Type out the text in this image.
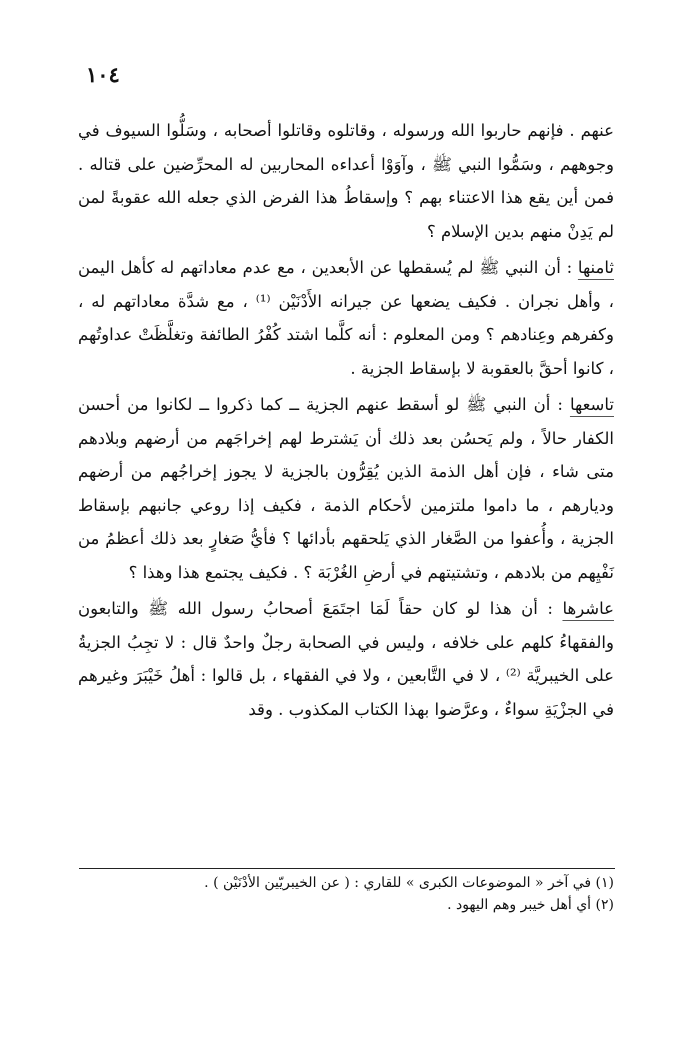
١٠٤

عنهم . فإنهم حاربوا الله ورسوله ، وقاتلوه وقاتلوا أصحابه ، وسَلُّوا السيوف في وجوههم ، وسَمُّوا النبي ﷺ ، وآوَوْا أعداءه المحاربين له المحرِّضين على قتاله . فمن أين يقع هذا الاعتناء بهم ؟ وإسقاطُ هذا الفرض الذي جعله الله عقوبةً لمن لم يَدِنْ منهم بدين الإسلام ؟

ثامنها : أن النبي ﷺ لم يُسقطها عن الأبعدين ، مع عدم معاداتهم له كأهل اليمن ، وأهل نجران . فكيف يضعها عن جيرانه الأَدْنَيْن ⁽¹⁾ ، مع شدَّة معاداتهم له ، وكفرهم وعِنادهم ؟ ومن المعلوم : أنه كلَّما اشتد كُفْرُ الطائفة وتغلَّظَتْ عداوتُهم ، كانوا أحقَّ بالعقوبة لا بإسقاط الجزية .

تاسعها : أن النبي ﷺ لو أسقط عنهم الجزية ــ كما ذكروا ــ لكانوا من أحسن الكفار حالاً ، ولم يَحسُن بعد ذلك أن يَشترط لهم إخراجَهم من أرضهم وبلادهم متى شاء ، فإن أهل الذمة الذين يُقِرُّون بالجزية لا يجوز إخراجُهم من أرضهم وديارهم ، ما داموا ملتزمين لأحكام الذمة ، فكيف إذا روعي جانبهم بإسقاط الجزية ، وأُعفوا من الصَّغار الذي يَلحقهم بأدائها ؟ فأيُّ صَغارٍ بعد ذلك أعظمُ من نَفْيِهم من بلادهم ، وتشتيتهم في أرضِ الغُرْبَة ؟ . فكيف يجتمع هذا وهذا ؟

عاشرها : أن هذا لو كان حقاً لَمَا اجتَمَعَ أصحابُ رسول الله ﷺ والتابعون والفقهاءُ كلهم على خلافه ، وليس في الصحابة رجلٌ واحدٌ قال : لا تجِبُ الجزيةُ على الخيبريَّة ⁽²⁾ ، لا في التَّابعين ، ولا في الفقهاء ، بل قالوا : أهلُ خَيْبَرَ وغيرهم في الجزْيَةِ سواءٌ ، وعرَّضوا بهذا الكتاب المكذوب . وقد

(١) في آخر « الموضوعات الكبرى » للقاري : ( عن الخيبريّين الأدْنَيْن ) .
(٢) أي أهل خيبر وهم اليهود .
